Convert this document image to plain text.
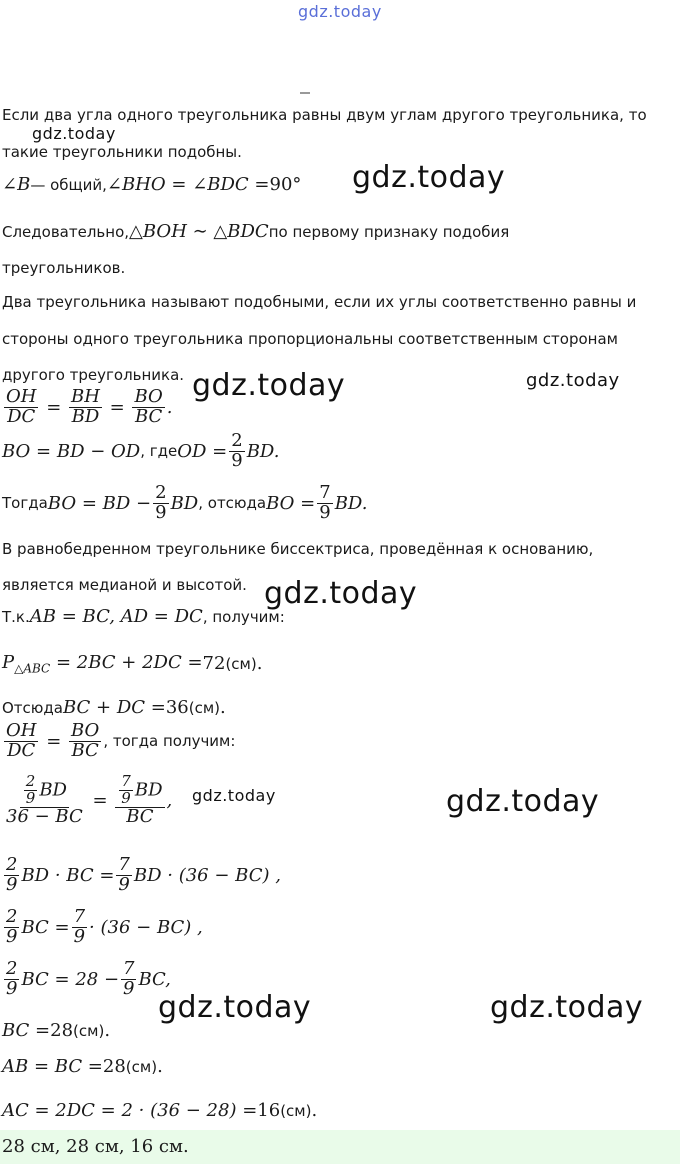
gdz.today
gdz.today
gdz.today
gdz.today	gdz.today
gdz.today
gdz.today	gdz.today
gdz.today	gdz.today
Если два угла одного треугольника равны двум углам другого треугольника, то
такие треугольники подобны.
∠B — общий, ∠BHO = ∠BDC = 90°
Следовательно, △BOH ∼ △BDC по первому признаку подобия
треугольников.
Два треугольника называют подобными, если их углы соответственно равны и
стороны одного треугольника пропорциональны соответственным сторонам
другого треугольника.
$\frac{OH}{DC} = \frac{BH}{BD} = \frac{BO}{BC}$ .
BO = BD − OD , где OD = $\frac{2}{9}$ BD.
Тогда BO = BD − $\frac{2}{9}$ BD , отсюда BO = $\frac{7}{9}$ BD.
В равнобедренном треугольнике биссектриса, проведённая к основанию,
является медианой и высотой.
Т.к. AB = BC, AD = DC , получим:
$P_{\triangle ABC} = 2BC + 2DC = 72$ (см) .
Отсюда BC + DC = 36 (см) .
$\frac{OH}{DC} = \frac{BO}{BC}$ , тогда получим:
$\frac{\frac{2}{9} BD}{36 - BC} = \frac{\frac{7}{9} BD}{BC}$ ,
$\frac{2}{9}$ BD · BC = $\frac{7}{9}$ BD · (36 − BC) ,
$\frac{2}{9}$ BC = $\frac{7}{9} \cdot (36 - BC)$ ,
$\frac{2}{9}$ BC = $28 - \frac{7}{9}$ BC,
BC = 28 (см) .
AB = BC = 28 (см) .
AC = 2DC = 2 · (36 − 28) = 16 (см) .
28 см, 28 см, 16 см.
